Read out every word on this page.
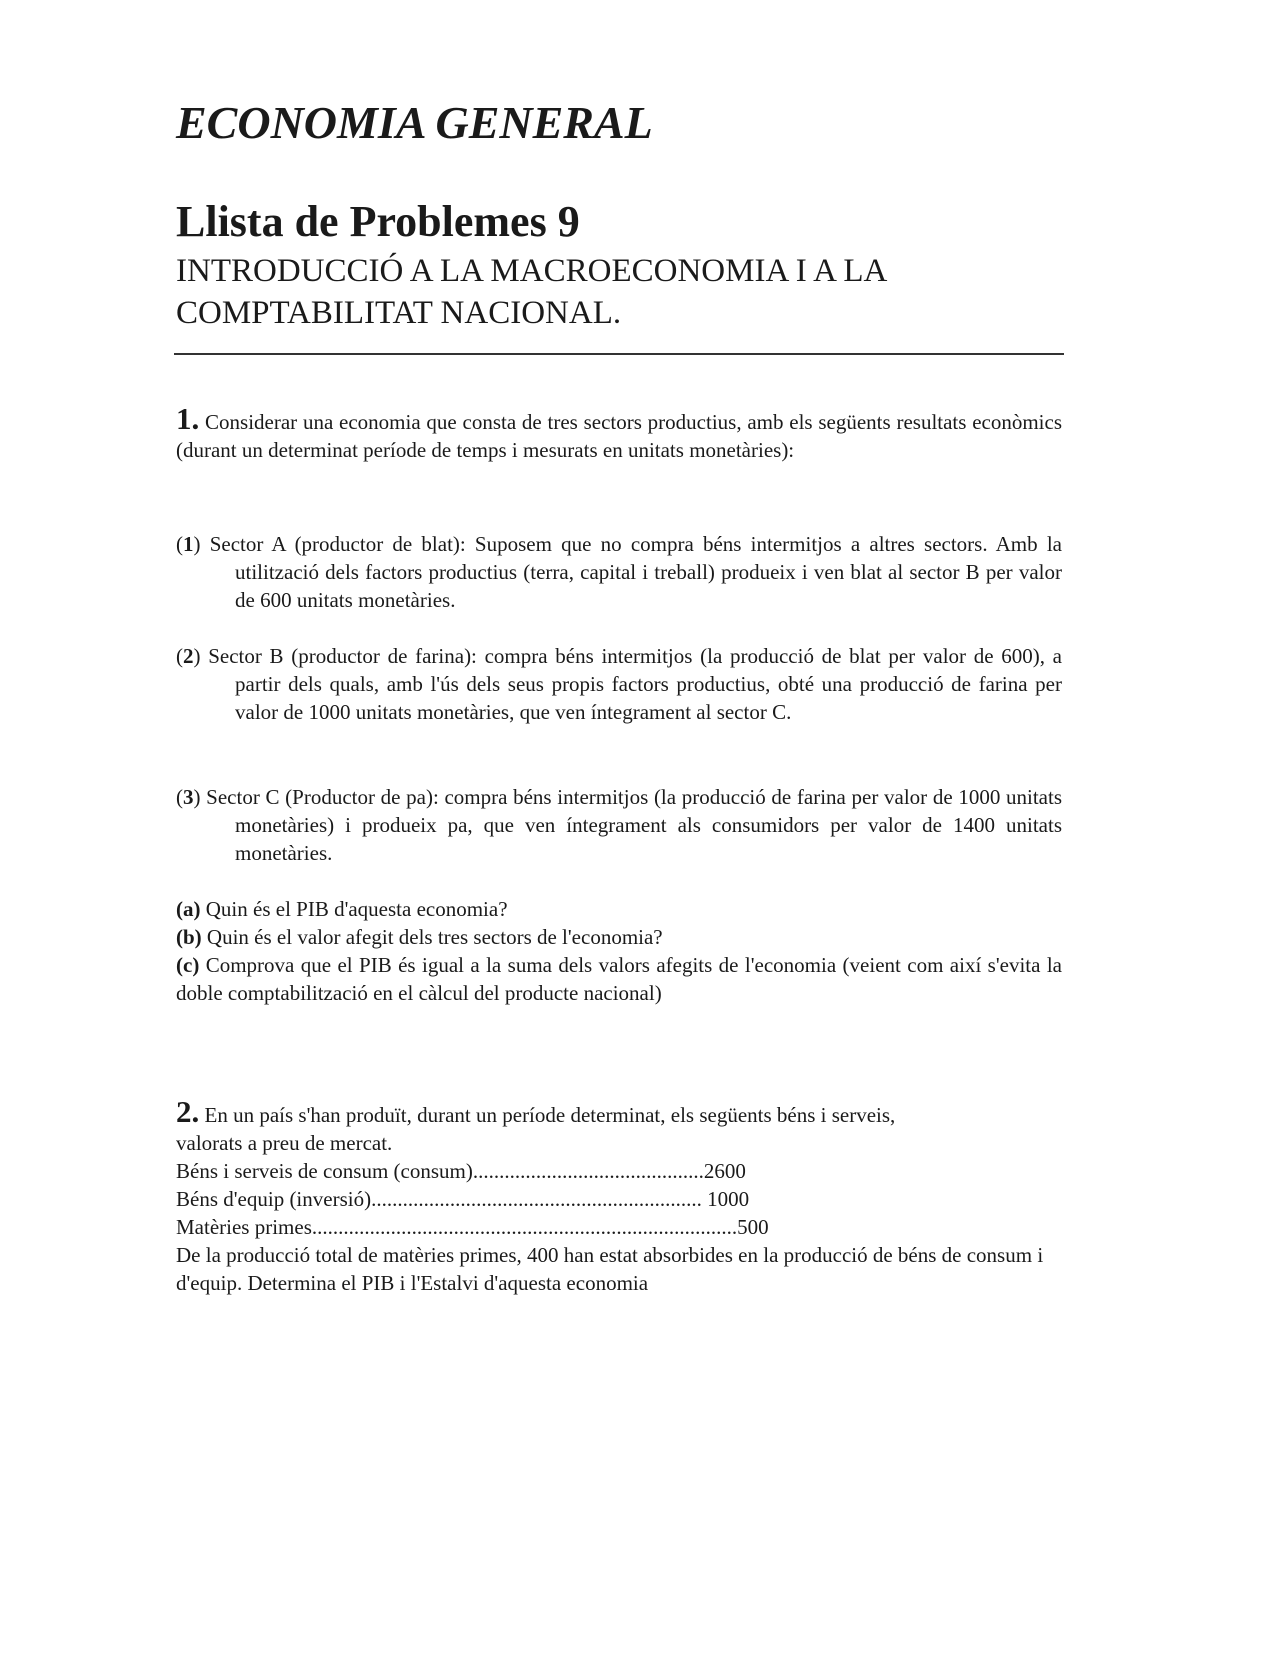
ECONOMIA GENERAL
Llista de Problemes 9
INTRODUCCIÓ A LA MACROECONOMIA I A LA
COMPTABILITAT NACIONAL.

1. Considerar una economia que consta de tres sectors productius, amb els següents resultats econòmics (durant un determinat període de temps i mesurats en unitats monetàries):

(1) Sector A (productor de blat): Suposem que no compra béns intermitjos a altres sectors. Amb la utilització dels factors productius (terra, capital i treball) produeix i ven blat al sector B per valor de 600 unitats monetàries.

(2) Sector B (productor de farina): compra béns intermitjos (la producció de blat per valor de 600), a partir dels quals, amb l'ús dels seus propis factors productius, obté una producció de farina per valor de 1000 unitats monetàries, que ven íntegrament al sector C.

(3) Sector C (Productor de pa): compra béns intermitjos (la producció de farina per valor de 1000 unitats monetàries) i produeix pa, que ven íntegrament als consumidors per valor de 1400 unitats monetàries.

(a) Quin és el PIB d'aquesta economia?
(b) Quin és el valor afegit dels tres sectors de l'economia?
(c) Comprova que el PIB és igual a la suma dels valors afegits de l'economia (veient com així s'evita la doble comptabilització en el càlcul del producte nacional)
2. En un país s'han produït, durant un període determinat, els següents béns i serveis,
valorats a preu de mercat.
Béns i serveis de consum (consum)............................................2600
Béns d'equip (inversió)............................................................... 1000
Matèries primes.................................................................................500
De la producció total de matèries primes, 400 han estat absorbides en la producció de béns de consum i d'equip. Determina el PIB i l'Estalvi d'aquesta economia
